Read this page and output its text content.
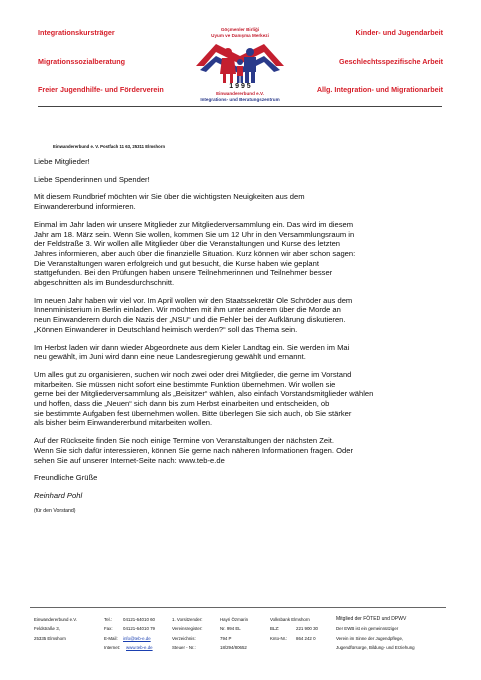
Integrationskursträger
Migrationssozialberatung
Freier Jugendhilfe- und Förderverein
Kinder- und Jugendarbeit
Geschlechtsspezifische Arbeit
Allg. Integration- und Migrationarbeit
Göçmenler Birliği
Uyum ve Danışma Merkezi
1 9 9 5
Einwandererbund e.V.
Integrations- und Beratungszentrum
Einwandererbund e. V. Postfach 11 63, 25311 Elmshorn

Liebe Mitglieder!

Liebe Spenderinnen und Spender!

Mit diesem Rundbrief möchten wir Sie über die wichtigsten Neuigkeiten aus dem
Einwandererbund informieren.
Einmal im Jahr laden wir unsere Mitglieder zur Mitgliederversammlung ein. Das wird im diesem
Jahr am 18. März sein. Wenn Sie wollen, kommen Sie um 12 Uhr in den Versammlungsraum in
der Feldstraße 3. Wir wollen alle Mitglieder über die Veranstaltungen und Kurse des letzten
Jahres informieren, aber auch über die finanzielle Situation. Kurz können wir aber schon sagen:
Die Veranstaltungen waren erfolgreich und gut besucht, die Kurse haben wie geplant
stattgefunden. Bei den Prüfungen haben unsere Teilnehmerinnen und Teilnehmer besser
abgeschnitten als im Bundesdurchschnitt.
Im neuen Jahr haben wir viel vor. Im April wollen wir den Staatssekretär Ole Schröder aus dem
Innenministerium in Berlin einladen. Wir möchten mit ihm unter anderem über die Morde an
neun Einwanderern durch die Nazis der „NSU“ und die Fehler bei der Aufklärung diskutieren.
„Können Einwanderer in Deutschland heimisch werden?“ soll das Thema sein.
Im Herbst laden wir dann wieder Abgeordnete aus dem Kieler Landtag ein. Sie werden im Mai
neu gewählt, im Juni wird dann eine neue Landesregierung gewählt und ernannt.
Um alles gut zu organisieren, suchen wir noch zwei oder drei Mitglieder, die gerne im Vorstand
mitarbeiten. Sie müssen nicht sofort eine bestimmte Funktion übernehmen. Wir wollen sie
gerne bei der Mitgliederversammlung als „Beisitzer“ wählen, also einfach Vorstandsmitglieder wählen
und hoffen, dass die „Neuen“ sich dann bis zum Herbst einarbeiten und entscheiden, ob
sie bestimmte Aufgaben fest übernehmen wollen. Bitte überlegen Sie sich auch, ob Sie stärker
als bisher beim Einwandererbund mitarbeiten wollen.
Auf der Rückseite finden Sie noch einige Termine von Veranstaltungen der nächsten Zeit.
Wenn Sie sich dafür interessieren, können Sie gerne nach näheren Informationen fragen. Oder
sehen Sie auf unserer Internet-Seite nach: www.teb-e.de

Freundliche Grüße

Reinhard Pohl

(für den Vorstand)

Einwandererbund e.V.
Feldstraße 3,
25335 Elmshorn
Tel.: 04121-64010 60
Fax: 04121-64010 79
E-Mail: info@teb-e.de
Internet: www.teb-e.de
1. Vorsitzender:	Hayri Özmarin
Vereinsregister:	Nr. 994 EL
Verzeichnis:	794 P
Steuer - Nr.:	18/294/80652
Volksbank Elmshorn
BLZ:	221 900 30
Knto-Nr.: 864 242 0
Mitglied der FÖTED und DPWV
Der EWB ist ein gemeinnütziger
Verein im Sinne der Jugendpflege,
Jugendfürsorge, Bildung- und Erziehung
